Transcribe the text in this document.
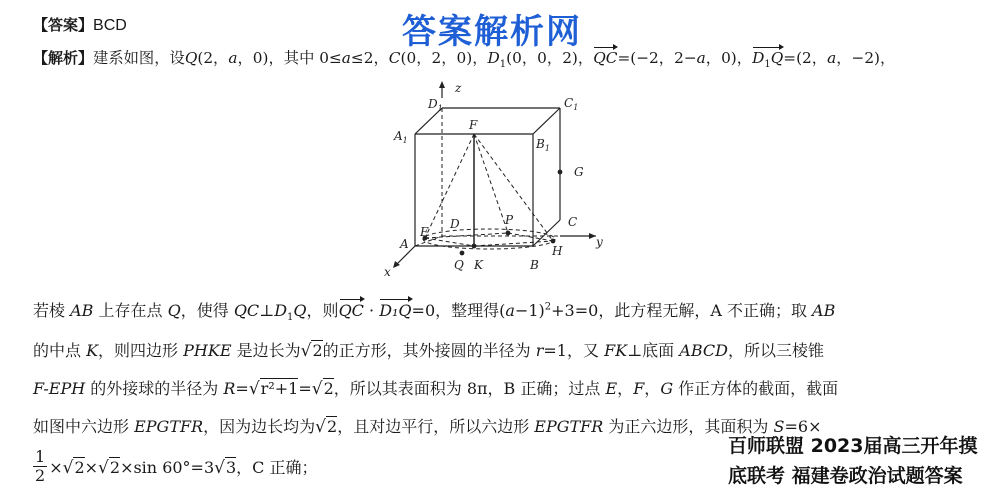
答案解析网
【答案】BCD
【解析】建系如图，设Q(2，a，0)，其中 0≤a≤2，C(0，2，0)，$D_1(0$，0，2)，QC=(−2，2−a，0)，$D_1Q=(2$，a，−2)，
$D_1$	$C_1$
$A_1$	$B_1$
z
y
x
F
G
D	P	C
E
A	H
Q K	B
若棱 AB 上存在点 Q，使得 $QC\perp D_1Q$，则QC · D₁Q=0，整理得$(a-1)^2+3=0$，此方程无解，A 不正确；取 AB
的中点 K，则四边形 PHKE 是边长为√2的正方形，其外接圆的半径为 r=1，又 FK⊥底面 ABCD，所以三棱锥
F-EPH 的外接球的半径为 R=√r²+1=√2，所以其表面积为 8π，B 正确；过点 E，F，G 作正方体的截面，截面
如图中六边形 EPGTFR，因为边长均为√2，且对边平行，所以六边形 EPGTFR 为正六边形，其面积为 S=6×
$\frac{1}{2} \times√2\times√2\times\sin$ 60°=3√3，C 正确；
百师联盟 2023届高三开年摸
底联考 福建卷政治试题答案
